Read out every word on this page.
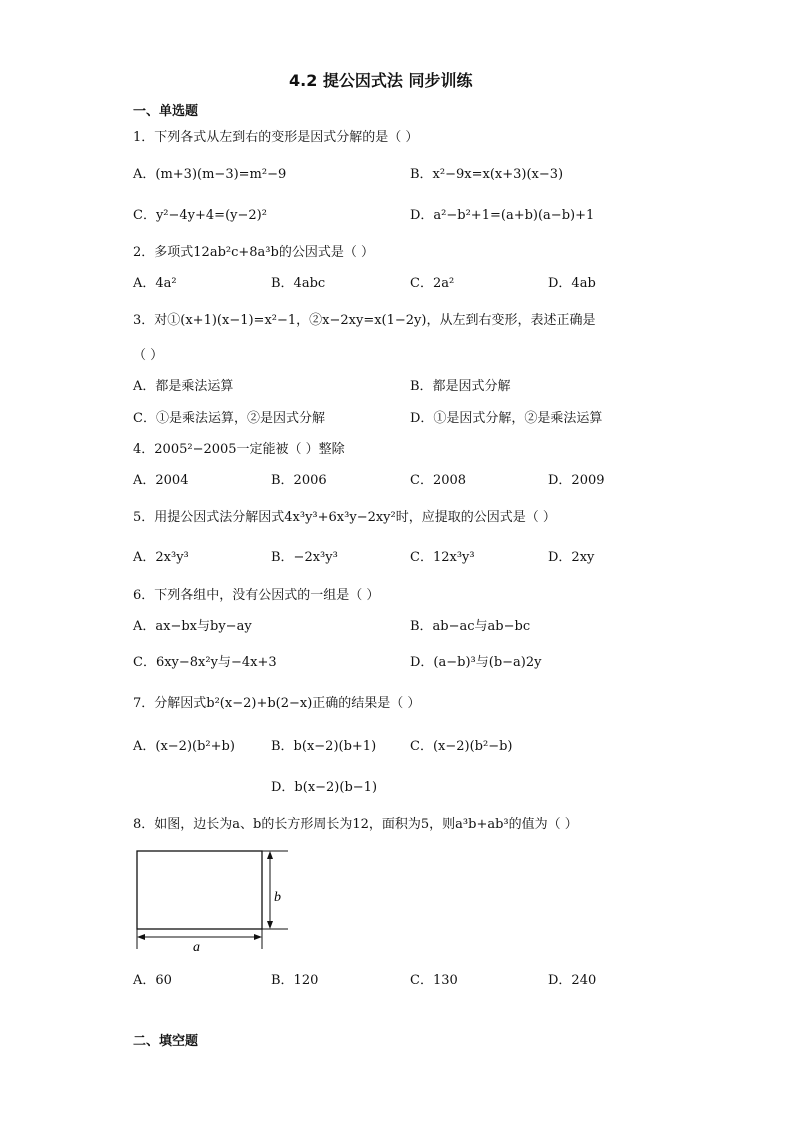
4.2 提公因式法 同步训练
一、单选题
1．下列各式从左到右的变形是因式分解的是（ ）
A．(m+3)(m−3)=m²−9	B．x²−9x=x(x+3)(x−3)
C．y²−4y+4=(y−2)²	D．a²−b²+1=(a+b)(a−b)+1
2．多项式12ab²c+8a³b的公因式是（ ）
A．4a²	B．4abc	C．2a²	D．4ab
3．对①(x+1)(x−1)=x²−1，②x−2xy=x(1−2y)，从左到右变形，表述正确是
（ ）
A．都是乘法运算	B．都是因式分解
C．①是乘法运算，②是因式分解	D．①是因式分解，②是乘法运算
4．2005²−2005一定能被（ ）整除
A．2004	B．2006	C．2008	D．2009
5．用提公因式法分解因式4x³y³+6x³y−2xy²时，应提取的公因式是（ ）
A．2x³y³	B．−2x³y³	C．12x³y³	D．2xy
6．下列各组中，没有公因式的一组是（ ）
A．ax−bx与by−ay	B．ab−ac与ab−bc
C．6xy−8x²y与−4x+3	D．(a−b)³与(b−a)2y
7．分解因式b²(x−2)+b(2−x)正确的结果是（ ）
A．(x−2)(b²+b)	B．b(x−2)(b+1)	C．(x−2)(b²−b)
D．b(x−2)(b−1)
8．如图，边长为a、b的长方形周长为12，面积为5，则a³b+ab³的值为（ ）
b
a
A．60	B．120	C．130	D．240
二、填空题
